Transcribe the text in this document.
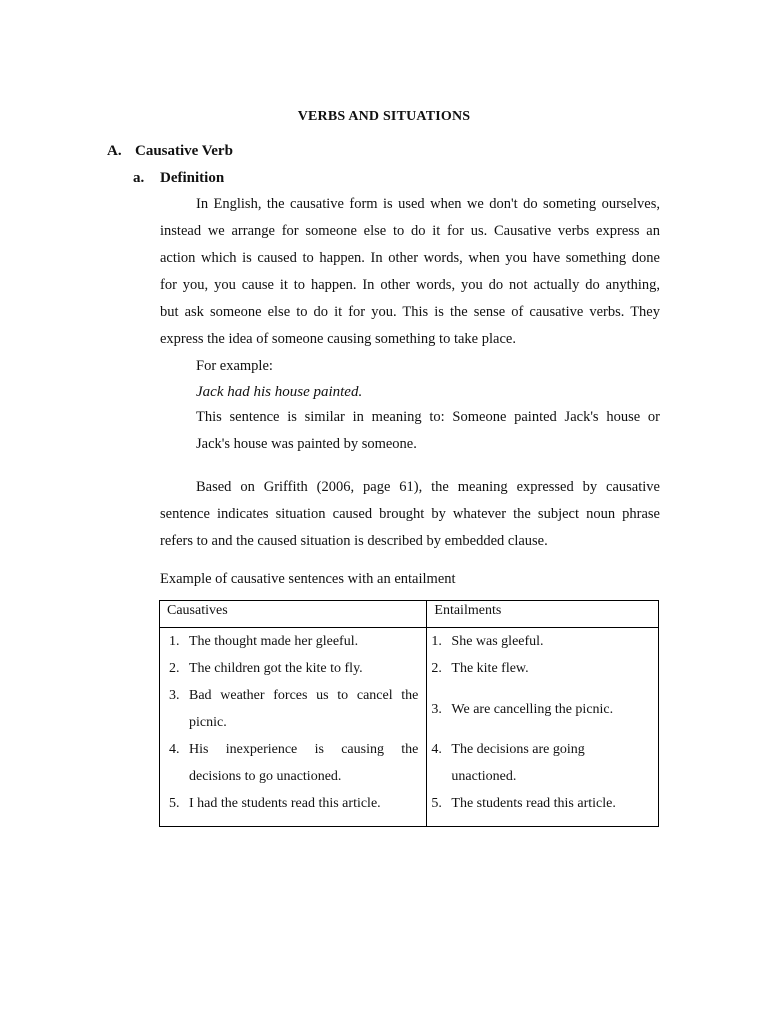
VERBS AND SITUATIONS
A. Causative Verb
a. Definition
In English, the causative form is used when we don't do someting ourselves,
instead we arrange for someone else to do it for us. Causative verbs express an
action which is caused to happen. In other words, when you have something done
for you, you cause it to happen. In other words, you do not actually do anything,
but ask someone else to do it for you. This is the sense of causative verbs. They
express the idea of someone causing something to take place.
For example:
Jack had his house painted.
This sentence is similar in meaning to: Someone painted Jack's house or
Jack's house was painted by someone.
Based on Griffith (2006, page 61), the meaning expressed by causative
sentence indicates situation caused brought by whatever the subject noun phrase
refers to and the caused situation is described by embedded clause.
Example of causative sentences with an entailment
Causatives	Entailments

1. The thought made her gleeful.	1. She was gleeful.

2. The children got the kite to fly.	2. The kite flew.

3. Bad weather forces us to cancel the
picnic.	3. We are cancelling the picnic.

4. His inexperience is causing the
decisions to go unactioned.	4. The decisions are going
unactioned.

5. I had the students read this article.	5. The students read this article.
